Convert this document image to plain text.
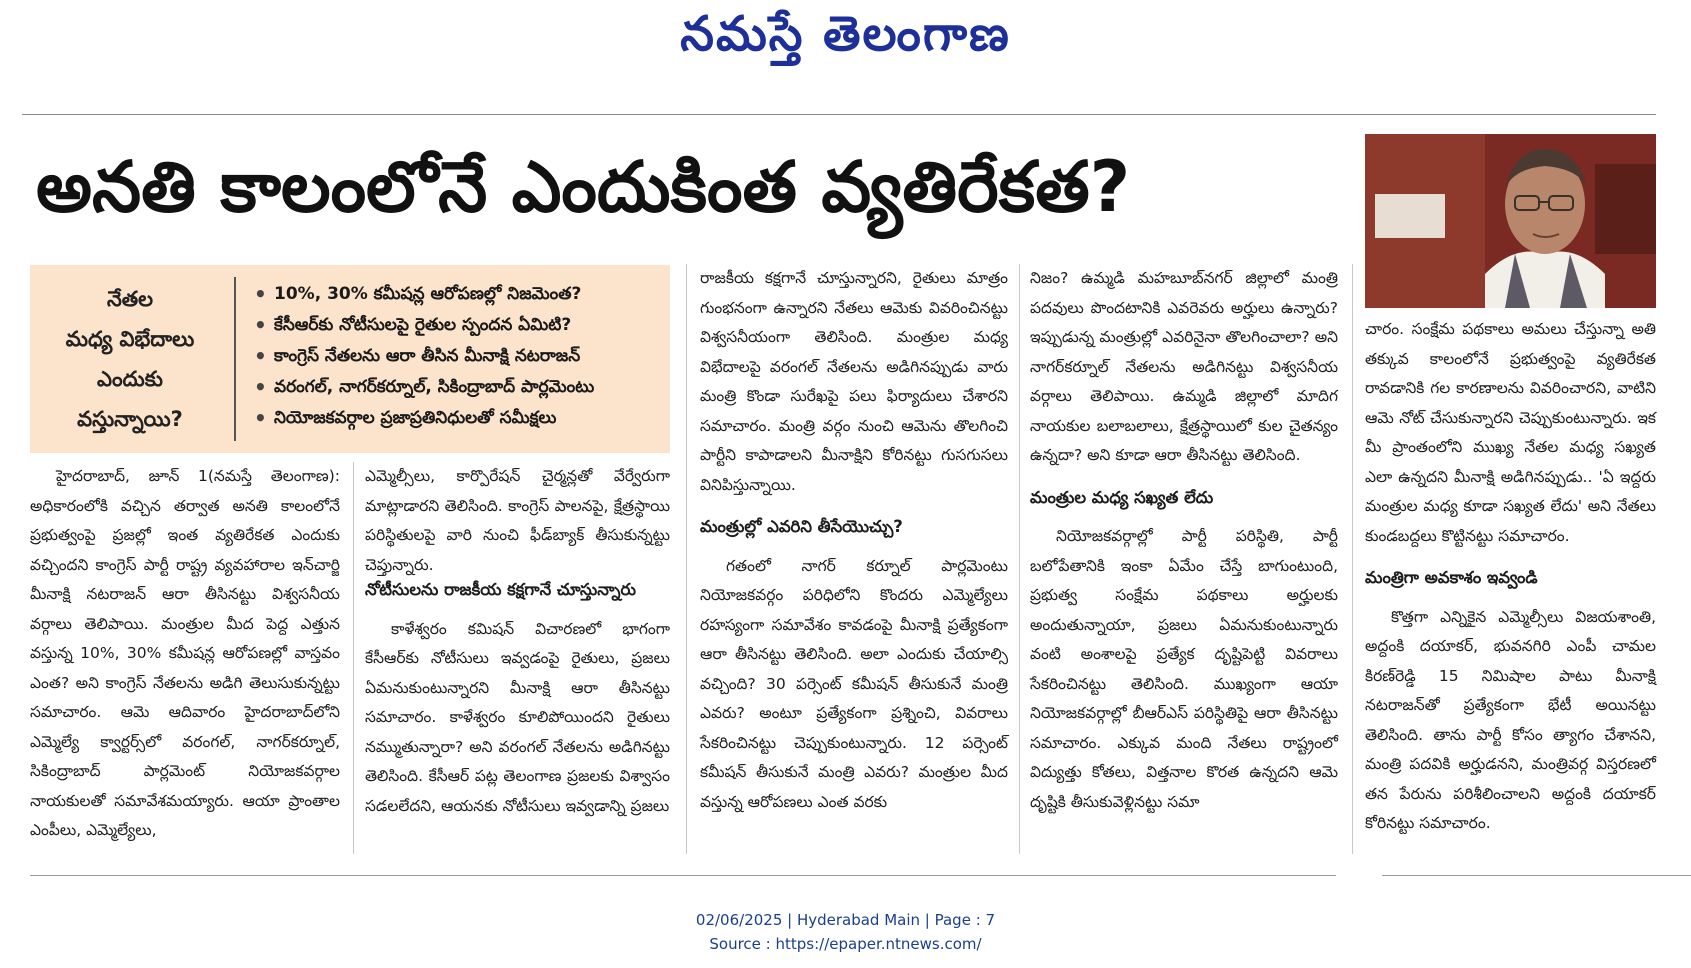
నమస్తే తెలంగాణ
అనతి కాలంలోనే ఎందుకింత వ్యతిరేకత?
నేతల
మధ్య విభేదాలు
ఎందుకు
వస్తున్నాయి?
• 10%, 30% కమీషన్ల ఆరోపణల్లో నిజమెంత?
• కేసీఆర్‌కు నోటీసులపై రైతుల స్పందన ఏమిటి?
• కాంగ్రెస్ నేతలను ఆరా తీసిన మీనాక్షి నటరాజన్
• వరంగల్, నాగర్‌కర్నూల్, సికింద్రాబాద్ పార్లమెంటు
• నియోజకవర్గాల ప్రజాప్రతినిధులతో సమీక్షలు

హైదరాబాద్, జూన్ 1(నమస్తే తెలంగాణ): అధికారంలోకి వచ్చిన తర్వాత అనతి కాలంలోనే ప్రభుత్వంపై ప్రజల్లో ఇంత వ్యతిరేకత ఎందుకు వచ్చిందని కాంగ్రెస్ పార్టీ రాష్ట్ర వ్యవహారాల ఇన్‌చార్జి మీనాక్షి నటరాజన్ ఆరా తీసినట్టు విశ్వసనీయ వర్గాలు తెలిపాయి. మంత్రుల మీద పెద్ద ఎత్తున వస్తున్న 10%, 30% కమీషన్ల ఆరోపణల్లో వాస్తవం ఎంత? అని కాంగ్రెస్ నేతలను అడిగి తెలుసుకున్నట్టు సమాచారం. ఆమె ఆదివారం హైదరాబాద్‌లోని ఎమ్మెల్యే క్వార్టర్స్‌లో వరంగల్, నాగర్‌కర్నూల్, సికింద్రాబాద్ పార్లమెంట్ నియోజకవర్గాల నాయకులతో సమావేశమయ్యారు. ఆయా ప్రాంతాల ఎంపీలు, ఎమ్మెల్యేలు,

ఎమ్మెల్సీలు, కార్పొరేషన్ చైర్మన్లతో వేర్వేరుగా మాట్లాడారని తెలిసింది. కాంగ్రెస్ పాలనపై, క్షేత్రస్థాయి పరిస్థితులపై వారి నుంచి ఫీడ్‌బ్యాక్ తీసుకున్నట్టు చెప్తున్నారు.

నోటీసులను రాజకీయ కక్షగానే చూస్తున్నారు

కాళేశ్వరం కమిషన్ విచారణలో భాగంగా కేసీఆర్‌కు నోటీసులు ఇవ్వడంపై రైతులు, ప్రజలు ఏమనుకుంటున్నారని మీనాక్షి ఆరా తీసినట్టు సమాచారం. కాళేశ్వరం కూలిపోయిందని రైతులు నమ్ముతున్నారా? అని వరంగల్ నేతలను అడిగినట్టు తెలిసింది. కేసీఆర్ పట్ల తెలంగాణ ప్రజలకు విశ్వాసం సడలలేదని, ఆయనకు నోటీసులు ఇవ్వడాన్ని ప్రజలు

రాజకీయ కక్షగానే చూస్తున్నారని, రైతులు మాత్రం గుంభనంగా ఉన్నారని నేతలు ఆమెకు వివరించినట్టు విశ్వసనీయంగా తెలిసింది. మంత్రుల మధ్య విభేదాలపై వరంగల్ నేతలను అడిగినప్పుడు వారు మంత్రి కొండా సురేఖపై పలు ఫిర్యాదులు చేశారని సమాచారం. మంత్రి వర్గం నుంచి ఆమెను తొలగించి పార్టీని కాపాడాలని మీనాక్షిని కోరినట్టు గుసగుసలు వినిపిస్తున్నాయి.

మంత్రుల్లో ఎవరిని తీసేయొచ్చు?

గతంలో నాగర్ కర్నూల్ పార్లమెంటు నియోజకవర్గం పరిధిలోని కొందరు ఎమ్మెల్యేలు రహస్యంగా సమావేశం కావడంపై మీనాక్షి ప్రత్యేకంగా ఆరా తీసినట్టు తెలిసింది. అలా ఎందుకు చేయాల్సి వచ్చింది? 30 పర్సెంట్ కమీషన్ తీసుకునే మంత్రి ఎవరు? అంటూ ప్రత్యేకంగా ప్రశ్నించి, వివరాలు సేకరించినట్టు చెప్పుకుంటున్నారు. 12 పర్సెంట్ కమీషన్ తీసుకునే మంత్రి ఎవరు? మంత్రుల మీద వస్తున్న ఆరోపణలు ఎంత వరకు

నిజం? ఉమ్మడి మహబూబ్‌నగర్ జిల్లాలో మంత్రి పదవులు పొందటానికి ఎవరెవరు అర్హులు ఉన్నారు? ఇప్పుడున్న మంత్రుల్లో ఎవరినైనా తొలగించాలా? అని నాగర్‌కర్నూల్ నేతలను అడిగినట్టు విశ్వసనీయ వర్గాలు తెలిపాయి. ఉమ్మడి జిల్లాలో మాదిగ నాయకుల బలాబలాలు, క్షేత్రస్థాయిలో కుల చైతన్యం ఉన్నదా? అని కూడా ఆరా తీసినట్టు తెలిసింది.

మంత్రుల మధ్య సఖ్యత లేదు

నియోజకవర్గాల్లో పార్టీ పరిస్థితి, పార్టీ బలోపేతానికి ఇంకా ఏమేం చేస్తే బాగుంటుంది, ప్రభుత్వ సంక్షేమ పథకాలు అర్హులకు అందుతున్నాయా, ప్రజలు ఏమనుకుంటున్నారు వంటి అంశాలపై ప్రత్యేక దృష్టిపెట్టి వివరాలు సేకరించినట్టు తెలిసింది. ముఖ్యంగా ఆయా నియోజకవర్గాల్లో బీఆర్‌ఎస్ పరిస్థితిపై ఆరా తీసినట్టు సమాచారం. ఎక్కువ మంది నేతలు రాష్ట్రంలో విద్యుత్తు కోతలు, విత్తనాల కొరత ఉన్నదని ఆమె దృష్టికి తీసుకువెళ్లినట్టు సమా

చారం. సంక్షేమ పథకాలు అమలు చేస్తున్నా అతి తక్కువ కాలంలోనే ప్రభుత్వంపై వ్యతిరేకత రావడానికి గల కారణాలను వివరించారని, వాటిని ఆమె నోట్ చేసుకున్నారని చెప్పుకుంటున్నారు. ఇక మీ ప్రాంతంలోని ముఖ్య నేతల మధ్య సఖ్యత ఎలా ఉన్నదని మీనాక్షి అడిగినప్పుడు.. 'ఏ ఇద్దరు మంత్రుల మధ్య కూడా సఖ్యత లేదు' అని నేతలు కుండబద్దలు కొట్టినట్టు సమాచారం.

మంత్రిగా అవకాశం ఇవ్వండి

కొత్తగా ఎన్నికైన ఎమ్మెల్సీలు విజయశాంతి, అద్దంకి దయాకర్, భువనగిరి ఎంపీ చామల కిరణ్‌రెడ్డి 15 నిమిషాల పాటు మీనాక్షి నటరాజన్‌తో ప్రత్యేకంగా భేటీ అయినట్టు తెలిసింది. తాను పార్టీ కోసం త్యాగం చేశానని, మంత్రి పదవికి అర్హుడనని, మంత్రివర్గ విస్తరణలో తన పేరును పరిశీలించాలని అద్దంకి దయాకర్ కోరినట్టు సమాచారం.

02/06/2025 | Hyderabad Main | Page : 7
Source : https://epaper.ntnews.com/
